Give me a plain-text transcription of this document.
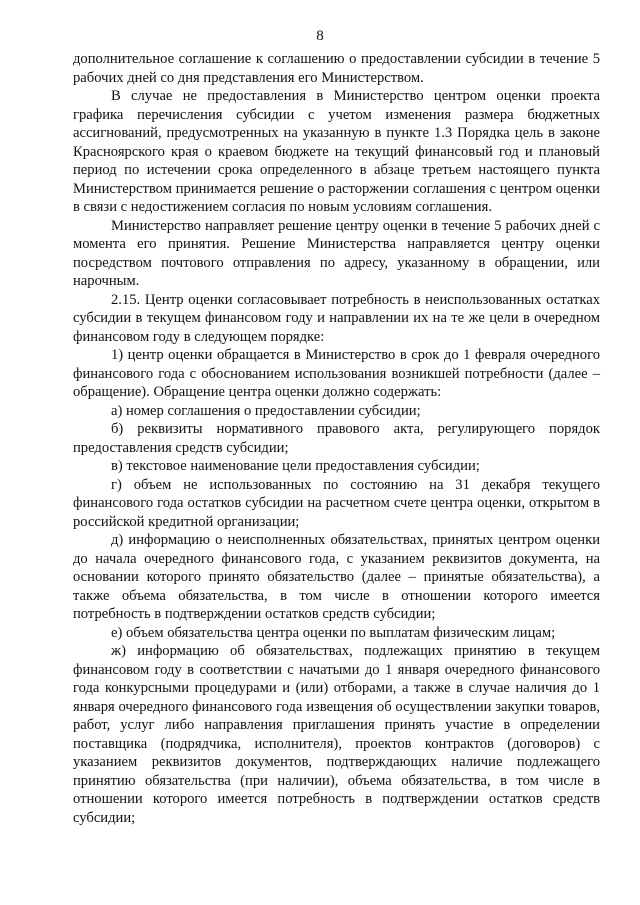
8

дополнительное соглашение к соглашению о предоставлении субсидии в течение 5 рабочих дней со дня представления его Министерством.

В случае не предоставления в Министерство центром оценки проекта графика перечисления субсидии с учетом изменения размера бюджетных ассигнований, предусмотренных на указанную в пункте 1.3 Порядка цель в законе Красноярского края о краевом бюджете на текущий финансовый год и плановый период по истечении срока определенного в абзаце третьем настоящего пункта Министерством принимается решение о расторжении соглашения с центром оценки в связи с недостижением согласия по новым условиям соглашения.

Министерство направляет решение центру оценки в течение 5 рабочих дней с момента его принятия. Решение Министерства направляется центру оценки посредством почтового отправления по адресу, указанному в обращении, или нарочным.

2.15. Центр оценки согласовывает потребность в неиспользованных остатках субсидии в текущем финансовом году и направлении их на те же цели в очередном финансовом году в следующем порядке:

1) центр оценки обращается в Министерство в срок до 1 февраля очередного финансового года с обоснованием использования возникшей потребности (далее – обращение). Обращение центра оценки должно содержать:

а) номер соглашения о предоставлении субсидии;

б) реквизиты нормативного правового акта, регулирующего порядок предоставления средств субсидии;

в) текстовое наименование цели предоставления субсидии;

г) объем не использованных по состоянию на 31 декабря текущего финансового года остатков субсидии на расчетном счете центра оценки, открытом в российской кредитной организации;

д) информацию о неисполненных обязательствах, принятых центром оценки до начала очередного финансового года, с указанием реквизитов документа, на основании которого принято обязательство (далее – принятые обязательства), а также объема обязательства, в том числе в отношении которого имеется потребность в подтверждении остатков средств субсидии;

е) объем обязательства центра оценки по выплатам физическим лицам;

ж) информацию об обязательствах, подлежащих принятию в текущем финансовом году в соответствии с начатыми до 1 января очередного финансового года конкурсными процедурами и (или) отборами, а также в случае наличия до 1 января очередного финансового года извещения об осуществлении закупки товаров, работ, услуг либо направления приглашения принять участие в определении поставщика (подрядчика, исполнителя), проектов контрактов (договоров) с указанием реквизитов документов, подтверждающих наличие подлежащего принятию обязательства (при наличии), объема обязательства, в том числе в отношении которого имеется потребность в подтверждении остатков средств субсидии;
